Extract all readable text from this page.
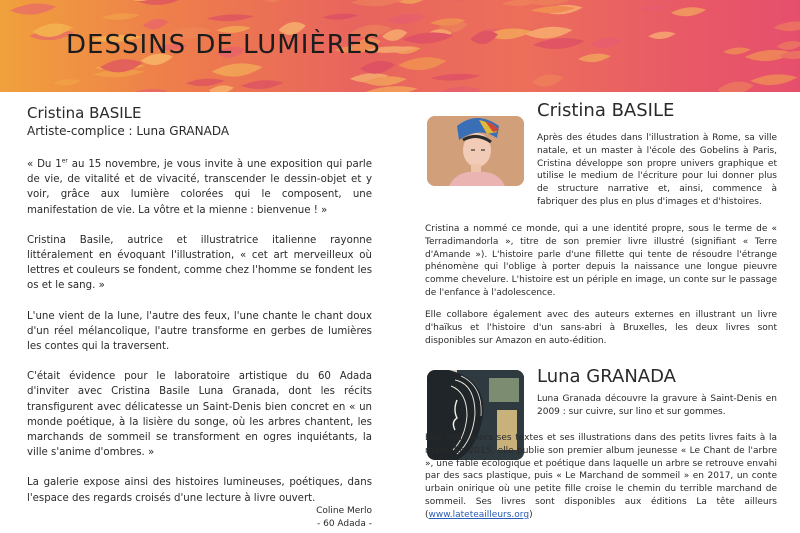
DESSINS DE LUMIÈRES
Cristina BASILE
Artiste-complice : Luna GRANADA

« Du 1er au 15 novembre, je vous invite à une exposition qui parle de vie, de vitalité et de vivacité, transcender le dessin-objet et y voir, grâce aux lumière colorées qui le composent, une manifestation de vie. La vôtre et la mienne : bienvenue ! »

Cristina Basile, autrice et illustratrice italienne rayonne littéralement en évoquant l'illustration, « cet art merveilleux où lettres et couleurs se fondent, comme chez l'homme se fondent les os et le sang. »

L'une vient de la lune, l'autre des feux, l'une chante le chant doux d'un réel mélancolique, l'autre transforme en gerbes de lumières les contes qui la traversent.

C'était évidence pour le laboratoire artistique du 60 Adada d'inviter avec Cristina Basile Luna Granada, dont les récits transfigurent avec délicatesse un Saint-Denis bien concret en « un monde poétique, à la lisière du songe, où les arbres chantent, les marchands de sommeil se transforment en ogres inquiétants, la ville s'anime d'ombres. »

La galerie expose ainsi des histoires lumineuses, poétiques, dans l'espace des regards croisés d'une lecture à livre ouvert.

Coline Merlo
- 60 Adada -
Cristina BASILE

Après des études dans l'illustration à Rome, sa ville natale, et un master à l'école des Gobelins à Paris, Cristina développe son propre univers graphique et utilise le medium de l'écriture pour lui donner plus de structure narrative et, ainsi, commence à fabriquer des plus en plus d'images et d'histoires.

Cristina a nommé ce monde, qui a une identité propre, sous le terme de « Terradimandorla », titre de son premier livre illustré (signifiant « Terre d'Amande »). L'histoire parle d'une fillette qui tente de résoudre l'étrange phénomène qui l'oblige à porter depuis la naissance une longue pieuvre comme chevelure. L'histoire est un périple en image, un conte sur le passage de l'enfance à l'adolescence.

Elle collabore également avec des auteurs externes en illustrant un livre d'haïkus et l'histoire d'un sans-abri à Bruxelles, les deux livres sont disponibles sur Amazon en auto-édition.

Luna GRANADA

Luna Granada découvre la gravure à Saint-Denis en 2009 : sur cuivre, sur lino et sur gommes.

Elle mêle alors ses textes et ses illustrations dans des petits livres faits à la main. En 2015, elle publie son premier album jeunesse « Le Chant de l'arbre », une fable écologique et poétique dans laquelle un arbre se retrouve envahi par des sacs plastique, puis « Le Marchand de sommeil » en 2017, un conte urbain onirique où une petite fille croise le chemin du terrible marchand de sommeil. Ses livres sont disponibles aux éditions La tête ailleurs (www.lateteailleurs.org)
